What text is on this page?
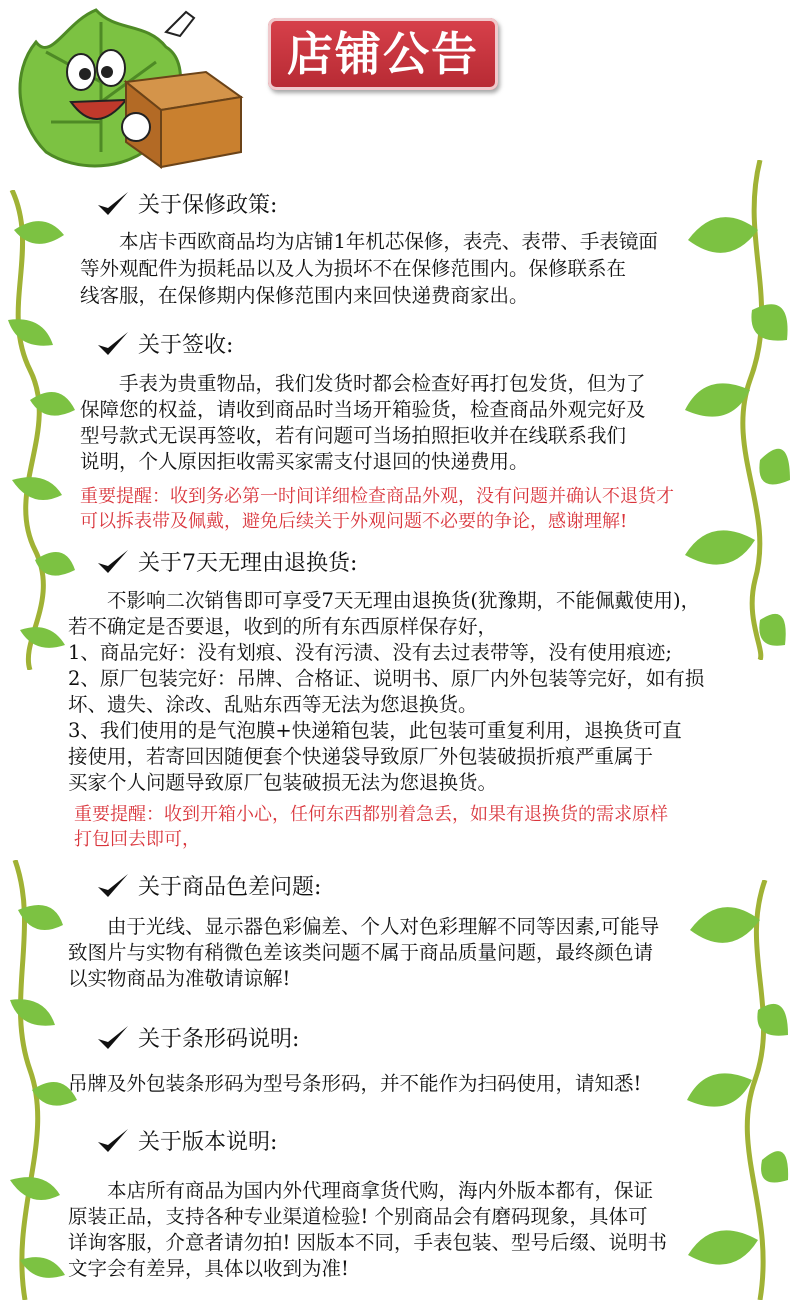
店铺公告
关于保修政策:

　　本店卡西欧商品均为店铺1年机芯保修，表壳、表带、手表镜面

等外观配件为损耗品以及人为损坏不在保修范围内。保修联系在

线客服，在保修期内保修范围内来回快递费商家出。

关于签收:

　　手表为贵重物品，我们发货时都会检查好再打包发货，但为了

保障您的权益，请收到商品时当场开箱验货，检查商品外观完好及

型号款式无误再签收，若有问题可当场拍照拒收并在线联系我们

说明，个人原因拒收需买家需支付退回的快递费用。

重要提醒：收到务必第一时间详细检查商品外观，没有问题并确认不退货才

可以拆表带及佩戴，避免后续关于外观问题不必要的争论，感谢理解!

关于7天无理由退换货:

　　不影响二次销售即可享受7天无理由退换货(犹豫期，不能佩戴使用)，

若不确定是否要退，收到的所有东西原样保存好，

1、商品完好：没有划痕、没有污渍、没有去过表带等，没有使用痕迹;

2、原厂包装完好：吊牌、合格证、说明书、原厂内外包装等完好，如有损

坏、遗失、涂改、乱贴东西等无法为您退换货。

3、我们使用的是气泡膜+快递箱包装，此包装可重复利用，退换货可直

接使用，若寄回因随便套个快递袋导致原厂外包装破损折痕严重属于

买家个人问题导致原厂包装破损无法为您退换货。

重要提醒：收到开箱小心，任何东西都别着急丢，如果有退换货的需求原样

打包回去即可，

关于商品色差问题:

　　由于光线、显示器色彩偏差、个人对色彩理解不同等因素,可能导

致图片与实物有稍微色差该类问题不属于商品质量问题，最终颜色请

以实物商品为准敬请谅解!

关于条形码说明:

吊牌及外包装条形码为型号条形码，并不能作为扫码使用，请知悉!

关于版本说明:

　　本店所有商品为国内外代理商拿货代购，海内外版本都有，保证

原装正品，支持各种专业渠道检验! 个别商品会有磨码现象，具体可

详询客服，介意者请勿拍! 因版本不同，手表包装、型号后缀、说明书

文字会有差异，具体以收到为准!
